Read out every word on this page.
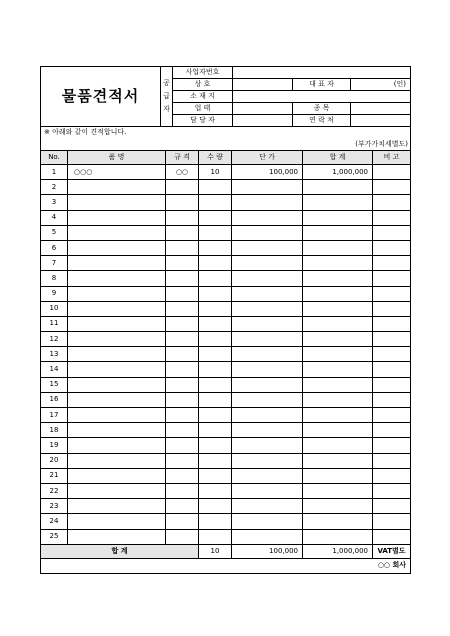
물품견적서	공
급
자	사업자번호			
		상 호		대 표 자	(인)
		소 재 지			
		업 태		종 목	
		담 당 자		연 락 처	
※ 아래와 같이 견적합니다.					
(부가가치세별도)					
No.	품 명	규 격	수 량	단 가	합 계	비 고
1	○○○	○○	10	100,000	1,000,000	
2						
3						
4						
5						
6						
7						
8						
9						
10						
11						
12						
13						
14						
15						
16						
17						
18						
19						
20						
21						
22						
23						
24						
25						
합 계			10	100,000	1,000,000	VAT별도
○○ 회사						
